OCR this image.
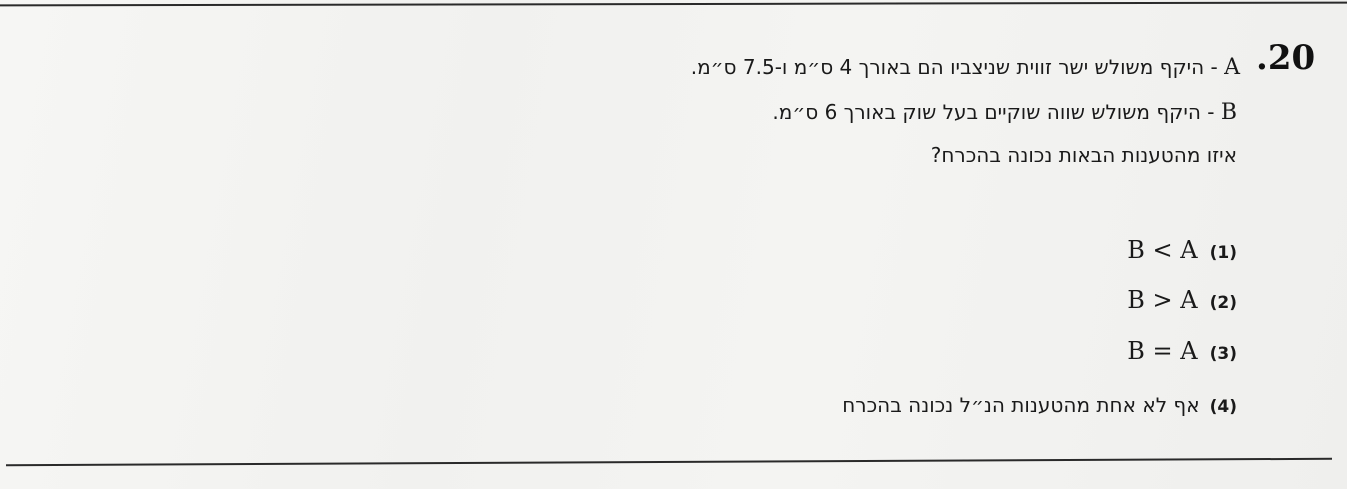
.20
A - היקף משולש ישר זווית שניצביו הם באורך 4 ס״מ ו-7.5 ס״מ.
B - היקף משולש שווה שוקיים בעל שוק באורך 6 ס״מ.
איזו מהטענות הבאות נכונה בהכרח?
(1)B < A
(2)B > A
(3)B = A
(4)אף לא אחת מהטענות הנ״ל נכונה בהכרח
